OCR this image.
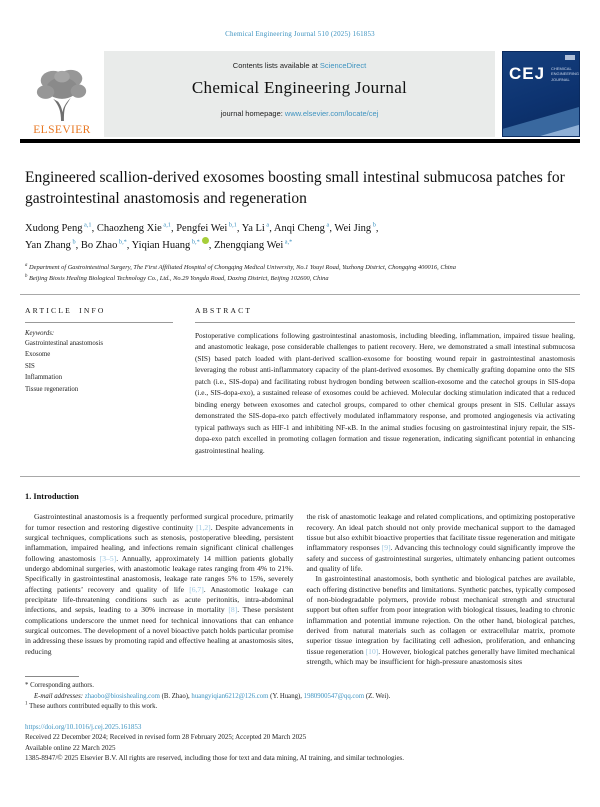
Chemical Engineering Journal 510 (2025) 161853
ELSEVIER
Contents lists available at ScienceDirect
Chemical Engineering Journal
journal homepage: www.elsevier.com/locate/cej
CEJ CHEMICAL ENGINEERING JOURNAL
Engineered scallion-derived exosomes boosting small intestinal submucosa patches for gastrointestinal anastomosis and regeneration
Xudong Peng $^{a,1}$, Chaozheng Xie $^{a,1}$, Pengfei Wei $^{b,1}$, Ya Li $^a$, Anqi Cheng $^a$, Wei Jing $^b$,
Yan Zhang $^b$, Bo Zhao $^{b,*}$, Yiqian Huang $^{b,*}$ , Zhengqiang Wei $^{a,*}$
$^a$ Department of Gastrointestinal Surgery, The First Affiliated Hospital of Chongqing Medical University, No.1 Youyi Road, Yuzhong District, Chongqing 400016, China
$^b$ Beijing Biosis Healing Biological Technology Co., Ltd., No.29 Yongda Road, Daxing District, Beijing 102600, China
ARTICLE INFO
Keywords:
Gastrointestinal anastomosis
Exosome
SIS
Inflammation
Tissue regeneration
ABSTRACT
Postoperative complications following gastrointestinal anastomosis, including bleeding, inflammation, impaired tissue healing, and anastomotic leakage, pose considerable challenges to patient recovery. Here, we demonstrated a small intestinal submucosa (SIS) based patch loaded with plant-derived scallion-exosome for boosting wound repair in gastrointestinal anastomosis leveraging the robust anti-inflammatory capacity of the plant-derived exosomes. By chemically grafting dopamine onto the SIS patch (i.e., SIS-dopa) and facilitating robust hydrogen bonding between scallion-exosome and the catechol groups in SIS-dopa (i.e., SIS-dopa-exo), a sustained release of exosomes could be achieved. Molecular docking stimulation indicated that a reduced binding energy between exosomes and catechol groups, compared to other chemical groups present in SIS. Cellular assays demonstrated the SIS-dopa-exo patch effectively modulated inflammatory response, and promoted angiogenesis via activating typical pathways such as HIF-1 and inhibiting NF-κB. In the animal studies focusing on gastrointestinal injury repair, the SIS-dopa-exo patch excelled in promoting collagen formation and tissue regeneration, indicating significant potential in enhancing gastrointestinal healing.
1. Introduction

Gastrointestinal anastomosis is a frequently performed surgical procedure, primarily for tumor resection and restoring digestive continuity [1,2]. Despite advancements in surgical techniques, complications such as stenosis, postoperative bleeding, persistent inflammation, impaired healing, and infections remain significant clinical challenges following anastomosis [3–5]. Annually, approximately 14 million patients globally undergo abdominal surgeries, with anastomotic leakage rates ranging from 4% to 21%. Specifically in gastrointestinal anastomosis, leakage rate ranges 5% to 15%, severely affecting patients’ recovery and quality of life [6,7]. Anastomotic leakage can precipitate life-threatening conditions such as acute peritonitis, intra-abdominal infections, and sepsis, leading to a 30% increase in mortality [8]. These persistent complications underscore the unmet need for technical innovations that can enhance surgical outcomes. The development of a novel bioactive patch holds particular promise in addressing these issues by promoting rapid and effective healing at anastomosis sites, reducing

the risk of anastomotic leakage and related complications, and optimizing postoperative recovery. An ideal patch should not only provide mechanical support to the damaged tissue but also exhibit bioactive properties that facilitate tissue regeneration and mitigate inflammatory responses [9]. Advancing this technology could significantly improve the safety and success of gastrointestinal surgeries, ultimately enhancing patient outcomes and quality of life.

In gastrointestinal anastomosis, both synthetic and biological patches are available, each offering distinctive benefits and limitations. Synthetic patches, typically composed of non-biodegradable polymers, provide robust mechanical strength and structural support but often suffer from poor integration with biological tissues, leading to chronic inflammation and potential immune rejection. On the other hand, biological patches, derived from natural materials such as collagen or extracellular matrix, promote superior tissue integration by facilitating cell adhesion, proliferation, and enhancing tissue regeneration [10]. However, biological patches generally have limited mechanical strength, which may be insufficient for high-pressure anastomosis sites

* Corresponding authors.
E-mail addresses: zhaobo@biosishealing.com (B. Zhao), huangyiqian6212@126.com (Y. Huang), 1980900547@qq.com (Z. Wei).
$^1$ These authors contributed equally to this work.
https://doi.org/10.1016/j.cej.2025.161853
Received 22 December 2024; Received in revised form 28 February 2025; Accepted 20 March 2025
Available online 22 March 2025
1385-8947/© 2025 Elsevier B.V. All rights are reserved, including those for text and data mining, AI training, and similar technologies.
